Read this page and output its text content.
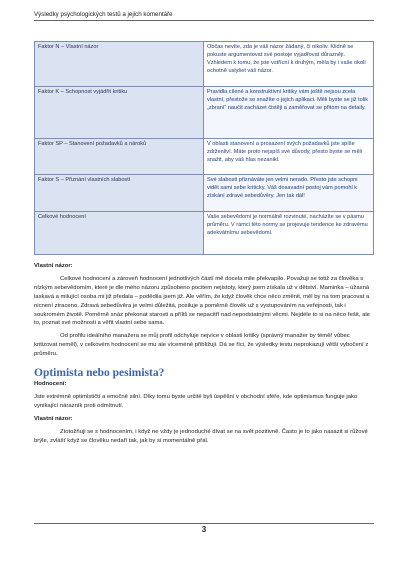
Výsledky psychologických testů a jejich komentáře
Faktor N – Vlastní názor	Občas nevíte, zda je váš názor žádaný, či nikoliv. Klidně se pokuste argumentovat své postoje vyjadřovat důrazněji. Vzhledem k tomu, že jste vstřícní k druhým, měla by i vaše okolí ochotně uslyšet váš názor.
Faktor K – Schopnost vyjádřit kritiku	Pravidla cílené a konstruktivní kritiky vám ještě nejsou zcela vlastní, přestože se snažíte o jejich aplikaci. Měli byste se již tolik „zbraní“ naučit zacházet čistěji a zaměřovat se přitom na detaily.
Faktor SP – Stanovení požadavků a nároků	V oblasti stanovení a prosazení svých požadavků jste spíše zdrženliví. Máte proto nejspíš své důvody, přesto byste se měli snažit, aby váš hlas nezanikl.
Faktor S – Přiznání vlastních slabostí	Své slabosti přiznáváte jen velmi nerado. Přesto jste schopni vidět sami sebe kriticky. Váš dosavadní postoj vám pomohl k získání zdravé sebedůvěry. Jen tak dál!
Celkové hodnocení	Vaše sebevědomí je normálně rozvinuté, nacházíte se v pásmu průměru. V rámci této normy se projevuje tendence ke zdravému adekvátnímu sebevědomí.

Vlastní názor:

Celkové hodnocení a zároveň hodnocení jednotlivých částí mě docela mile překvapilo. Považuji se totiž za člověka s nízkým sebevědomím, které je dle mého názoru způsobeno pocitem nejistoty, který jsem získala už v dětství. Maminka – úžasná laskavá a milující osoba mi již předala – podědila jsem již. Ale věřím, že když člověk chce něco změnit, měl by na tom pracovat a nicnení ztraceno. Zdravá sebedůvěra je velmi důležitá, posiluje a poměrně člověk už s vystupováním na veřejnosti, tak i soukromém životě. Poměrně snáz překonat starosti a příliš se nepacitří nad nepodstatnými věcmi. Nejdéle to si na něco řešit, ale to, poznat své možnosti a věřit vlastní sebe sama.

Od profilu ideálního manažera se můj profil odchyluje nejvíce v oblasti kritiky (správný manažer by téměř vůbec kritizovat neměl), v celkovém hodnocení se mu ale víceméně přibližuji. Dá se říci, že výsledky testu neprokazují větší vybočení z průměru.

Optimista nebo pesimista?

Hodnocení:

Jste extrémně optimističtí a emočně silní. Díky tomu byste určitě byli úspěšní v obchodní sféře, kde optimismus funguje jako vynikající nárazník proti odmítnutí.

Vlastní názor:

Ztotožňuji se s hodnocením, i když ne vždy je jednoduché dívat se na svět pozitivně. Často je to jako nasazit si růžové brýle, zvlášť když se člověku nedaří tak, jak by si momentálně přál.

3
